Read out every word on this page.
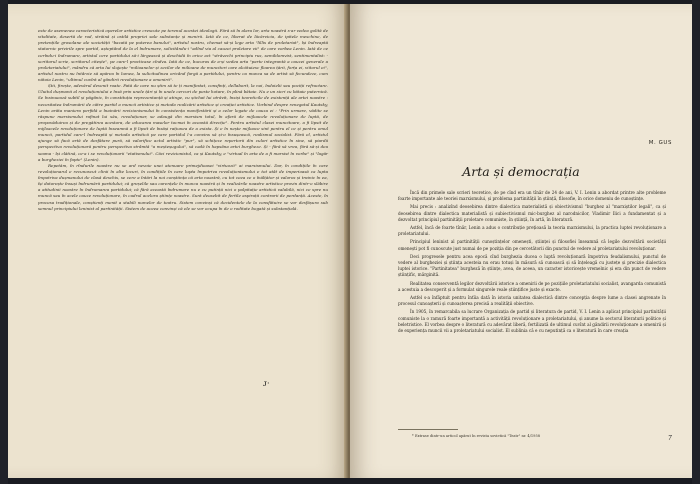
este de asemenea caracteristică operelor artistice crescute pe terenul acestei ideologii. Fără să în alara lor, arta noastră s-ar vedea golită de vitalitate, desertă de rod, străină și ostilă propriei sale substanțe și menirii. Iată de ce, liberat de lăcărvicia, de ipitele meschine, de pretențiile grosolane ale societății "bazată pe puterea banului", artistul nostru, chemat să-și lege arta "lillis de proletariat", își îndreaptă statornic privirile spre partid, așteptând de la el îndrumare, solicitându-i "adînd via al cauzei proletare vii" de care vorbea Lenin. Iată de ce cerîndu-i îndrumare, artistul cere partidului să-i lărgească și deschidă în orice act "străvechi principiu rus, semiblomvist, sentimentalist: -scriitorul scrie, scriitorul citește", pe care-l practicase cîndva. Iată de ce, bucuros de a-și vedea arta "parte integrantă a cauzei generale a proletariatului", mândru că arta lui slujește "milioanelor și zecilor de milioane de muncitori care alcătuiesc floarea țării, forța ei, viitorul ei", artistul nostru nu întârzie să apărea în lumea, la sulicitudinea oricând fargă a partidului, pentru ca munca sa de artist să fecundeze, cum nătoia Lenin, "ultimul cuvînt al gândirii revoluționare a omenirii".

Știi, firește, adevărul devenit roate. Fată de care nu știm să te ți manifestat, consfinți, dellaborit, la noi, îndoielii sau poziții refractare. Uluitul dușmanii al revoluționiului e însă prin unele țări și în unele cercuri de peste hotare, în plină bătaie. Nu e un sicri cu bătaie puternică. Se însinuează subtil și păgânic, în constituția reprezentanță și atinge, cu șiichat lui otrăvit, însiși teoreticile de existență ale artei noastre : necesitatea îndrumării de către partid a muncii artistice și metoda realizării artistice și creației artistice. Vorbind despre renegatul Kautsky, Lenin arăta maniera perfidă a înainării revizionismului în consistența manifestării și a celor legate de cauza ei : "Prin urmare, vădite se răspune marxismului rafinat lui său, revoluționar, se adaugă din marxism totul, în afară de mijloacele revoluționare de luptă, de propovăduirea și de pregătirea acestora, de educarea maselor tocmai în această direcție". Pentru artistul clasei muncitoare, a fi lipsit de mijloacele revoluționare de luptă înseamnă a fi lipsit de însăși rațiunea de a exista. Și e în nește mijloace sint pentru el ce și pentru omul muncii, partidul care-l îndreaptă și metoda artistică pe care partidul l-a convins să și-o însușească, realismul socialist. Fără el, artistul ajunge să facă artă de desfătare pură, să valorifice actul artistic "pur", să schițeze repertorii din culori artistice în sine, să piardă perspectiva revoluționară pentru perspectiva strâmtă "a meșteșugului", să cadă în hapsâna artei burgheze. Și - fără să vrea, fără să-și dea seama - își clătină, ce-a i se revoluționarii "etatismului". Căci revizionistul, ca și Kautsky, e "virtual în arta de a fi marxist în vorbe" și "lagăr a burgheziei în fapte" (Lenin).

Repetăm, în rîndurile noastre nu se ard nevoie unei atenuare primejdioasei "virtuozii" ai marxismului. Dar, în condițiile în care revoluționarul e recunoscut clinii în alte locuri, în condițiile în care lupta împotriva revoluționismului e tot atât de imperioasă ca lupta împotriva dușmanului de clasă deschis, se cere a întări la noi conștiința că arta noastră, cu tot ceea ce o înălțător și valoros și trainic în ea, își datorește însuși îndrumării partidului; că greșelile sau carențele în munca noastră și în realizările noastre artistice provin dintr-o slăbire a atitudinii noastre în îndrumarea partidului; că fără această îndrumare nu e cu putință nici o palpitație artistică valabilă, nici ce spre nu muncă sau în acele cauze revoluționare, în cadrul acelora științe noastre. Sunt deosebit de fertile aspirații contrarii de perdanță. Aceste, în procesa tradiționale, conștienți menit a stabili numelor de teatru. Sistem convinși că decidentele de la consfătuire se vor desfășura sub semnul principiului leninist al partinității. Sistem de aceea convinși că ele se vor ocupa în de o roditate bogată și substanțială.

ᴊ·
M. GUS
Arta și democrația

Încă din primele sale scrieri teoretice, de pe cînd era un tînăr de 24 de ani, V. I. Lenin a abordat printre alte probleme foarte importante ale teoriei marxismului, și problema partinității în știință, filosofie, în orice domeniu de cunoștințe.

Mai precis : analizînd deosebirea dintre dialectica materialistă și obiectivismul "burghez al "marxiștilor legali", ca și deosebirea dintre dialectica materialistă și subiectivismul mic-burghez al narodnicilor, Vladimir Ilici a fundamentat și a dezvoltat principiul partinității proletare comuniste, în știință, în artă, în literatură.

Astfel, încă de foarte tînăr, Lenin a adus o contribuție prețioasă la teoria marxismului, la practica luptei revoluționare a proletariatului.

Principiul leninist al partinității cunoștințelor omenești, științei și filosofiei înseamnă că legile dezvoltării societății omenești pot fi cunoscute just numai de pe poziția din pe cercetătorii din punctul de vedere al proletariatului revoluționar.

Deci progresele pentru acea epocă cînd burghezia ducea o luptă revoluționară împotriva feudalismului, punctul de vedere al burgheziei și știința acesteia nu erau totuși în măsură să cunoască și să înțeleagă cu justețe și precizie dialectica luptei istorice. "Partinitatea" burgheză în științe, avea, de aceea, un caracter istoricește vremelnic și era din punct de vedere științific, mărginită.

Realitatea consecventă legilor dezvoltării istorice a omenirii de pe pozițiile proletariatului socialist, avangarda comunistă a acestuia a descoperit și a formulat singurele reale științifice juste și exacte.

Astfel s-a înfăptuit pentru întîia dată în istoria unitatea dialectică dintre concepția despre lume a clasei angrenate în procesul cunoașterii și cunoașterea precisă a realității obiective.

În 1905, în remarcabila sa lucrare Organizația de partid și literatura de partid, V. I. Lenin a aplicat principiul partinității comuniste la o ramură foarte importantă a activității revoluționare a proletariatului, și anume la sectorul literaturii politice și beletristice. El vorbea despre o literatură cu adevărat liberă, fertilizată de ultimul cuvînt al gândirii revoluționare a omenirii și de experiența muncii vii a proletariatului socialist. El sublinia că e cu neputință ca o literatură în care creația

* Extrase dintr-un articol apărut în revista sovietică "Teatr" nr. 4/1958	7
